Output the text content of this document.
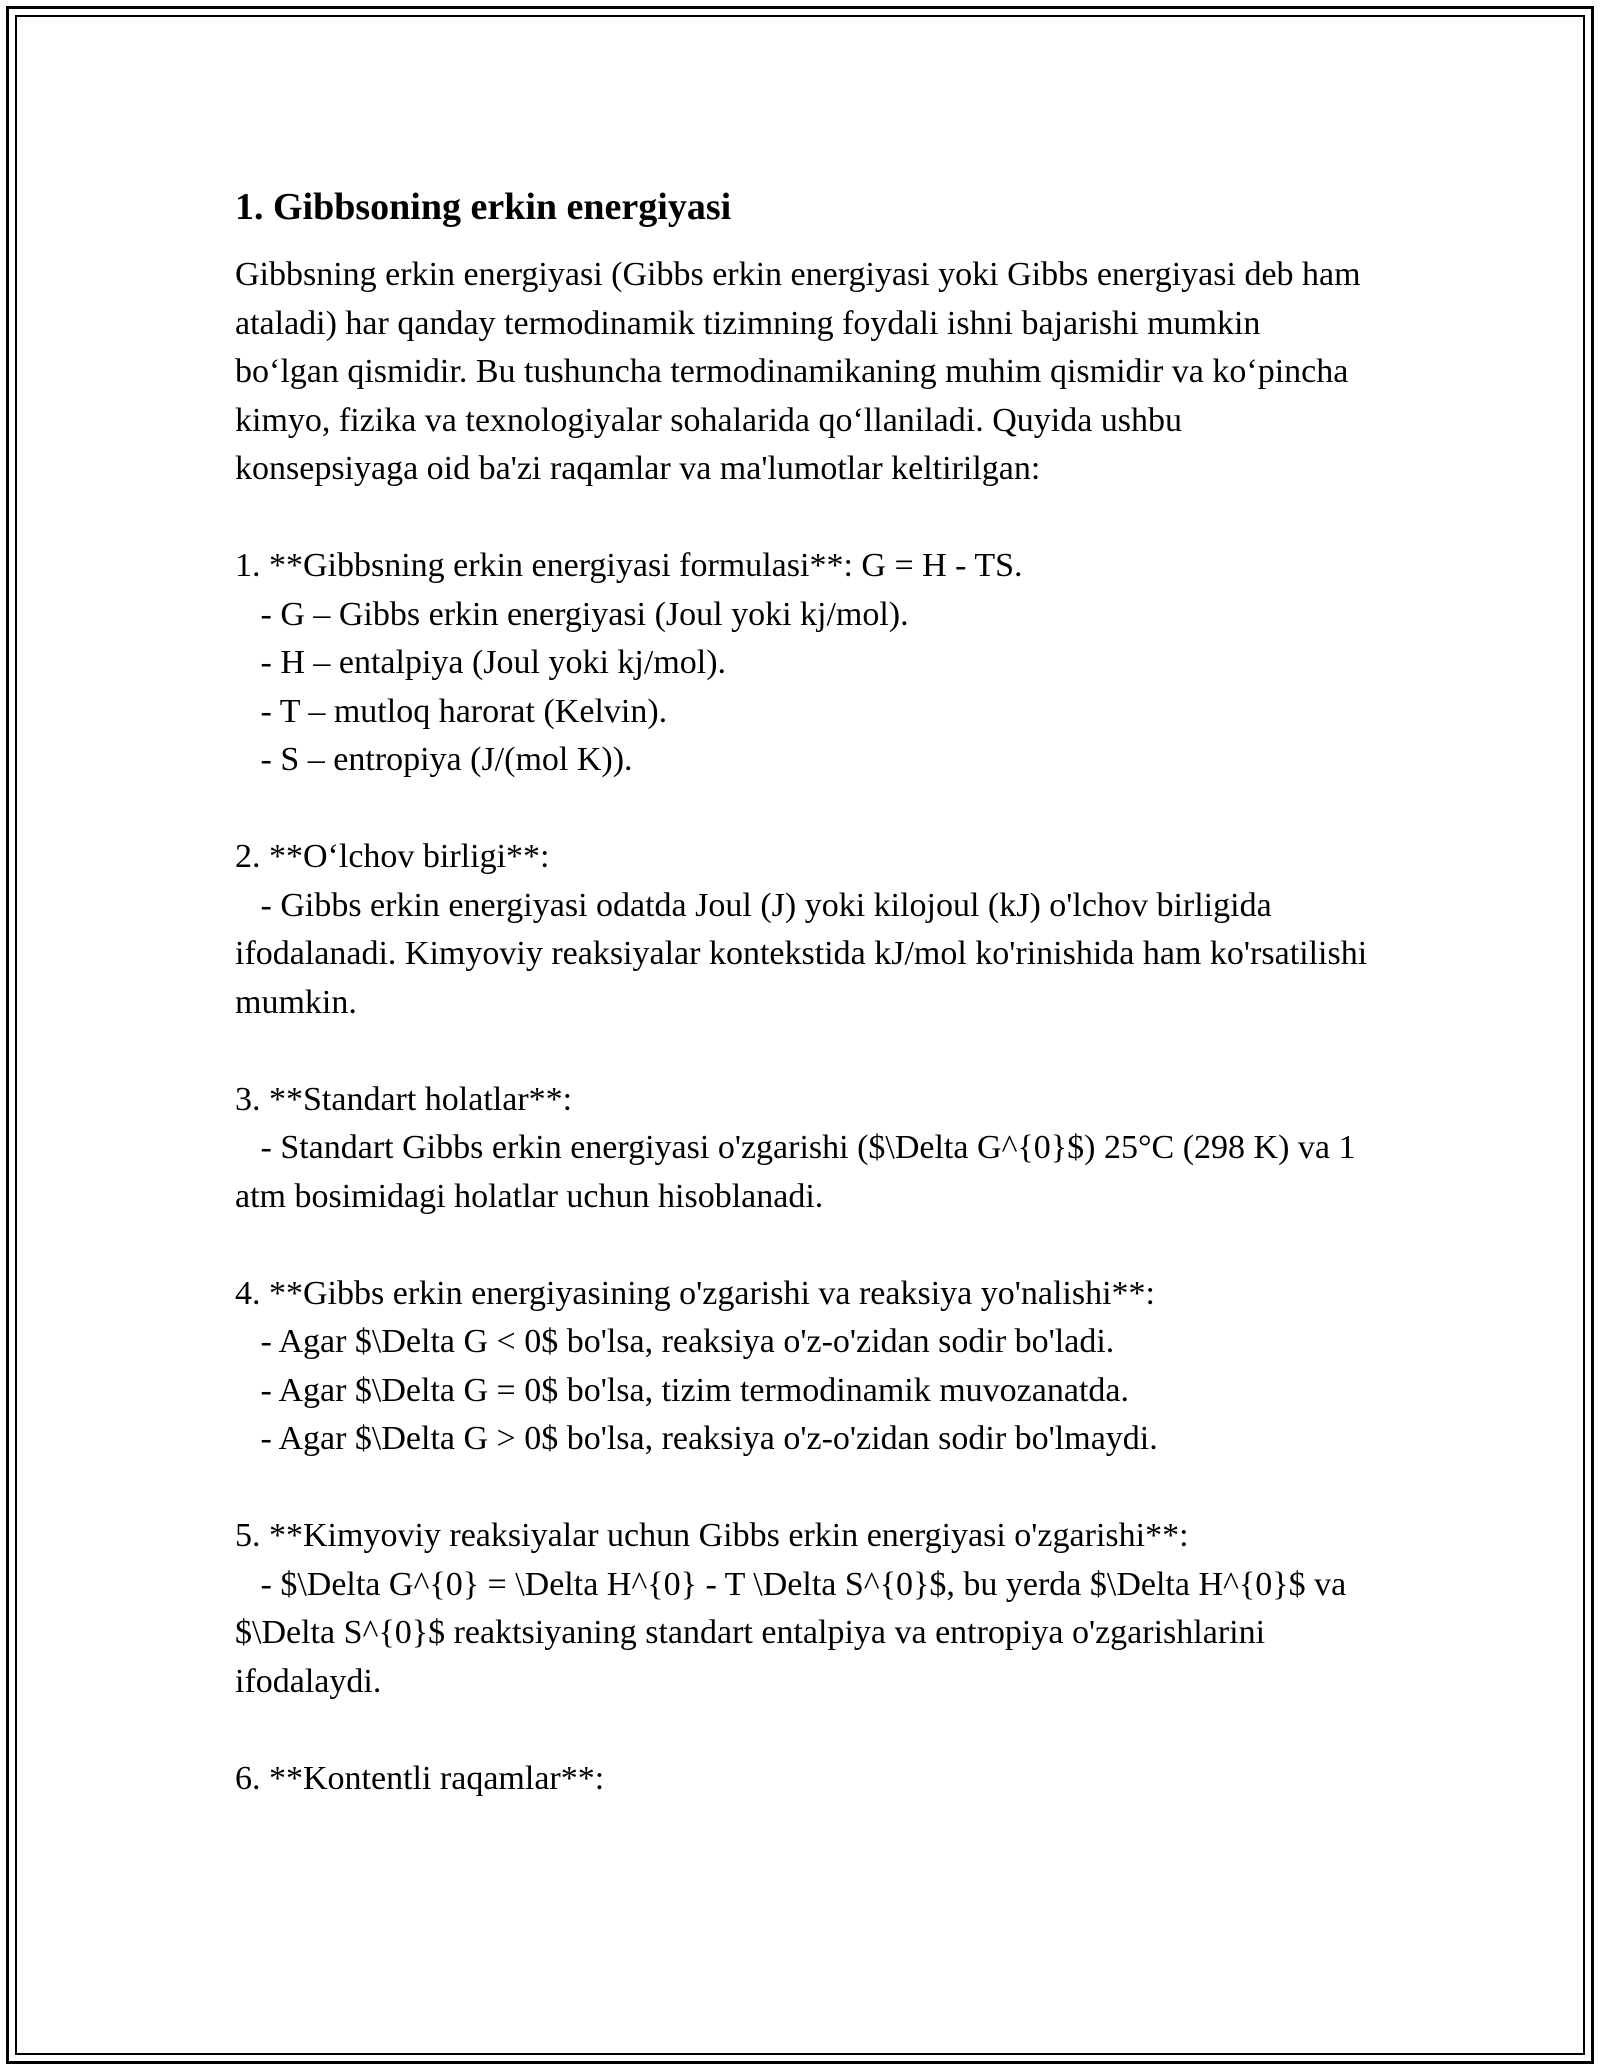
1. Gibbsoning erkin energiyasi

Gibbsning erkin energiyasi (Gibbs erkin energiyasi yoki Gibbs energiyasi deb ham ataladi) har qanday termodinamik tizimning foydali ishni bajarishi mumkin bo‘lgan qismidir. Bu tushuncha termodinamikaning muhim qismidir va ko‘pincha kimyo, fizika va texnologiyalar sohalarida qo‘llaniladi. Quyida ushbu konsepsiyaga oid ba'zi raqamlar va ma'lumotlar keltirilgan:

1. **Gibbsning erkin energiyasi formulasi**: G = H - TS.

- G – Gibbs erkin energiyasi (Joul yoki kj/mol).
- H – entalpiya (Joul yoki kj/mol).
- T – mutloq harorat (Kelvin).
- S – entropiya (J/(mol K)).

2. **O‘lchov birligi**:

- Gibbs erkin energiyasi odatda Joul (J) yoki kilojoul (kJ) o'lchov birligida ifodalanadi. Kimyoviy reaksiyalar kontekstida kJ/mol ko'rinishida ham ko'rsatilishi mumkin.

3. **Standart holatlar**:

- Standart Gibbs erkin energiyasi o'zgarishi ($\Delta G^{0}$) 25°C (298 K) va 1 atm bosimidagi holatlar uchun hisoblanadi.

4. **Gibbs erkin energiyasining o'zgarishi va reaksiya yo'nalishi**:

- Agar $\Delta G < 0$ bo'lsa, reaksiya o'z-o'zidan sodir bo'ladi.
- Agar $\Delta G = 0$ bo'lsa, tizim termodinamik muvozanatda.
- Agar $\Delta G > 0$ bo'lsa, reaksiya o'z-o'zidan sodir bo'lmaydi.

5. **Kimyoviy reaksiyalar uchun Gibbs erkin energiyasi o'zgarishi**:

- $\Delta G^{0} = \Delta H^{0} - T \Delta S^{0}$, bu yerda $\Delta H^{0}$ va $\Delta S^{0}$ reaktsiyaning standart entalpiya va entropiya o'zgarishlarini ifodalaydi.

6. **Kontentli raqamlar**:
